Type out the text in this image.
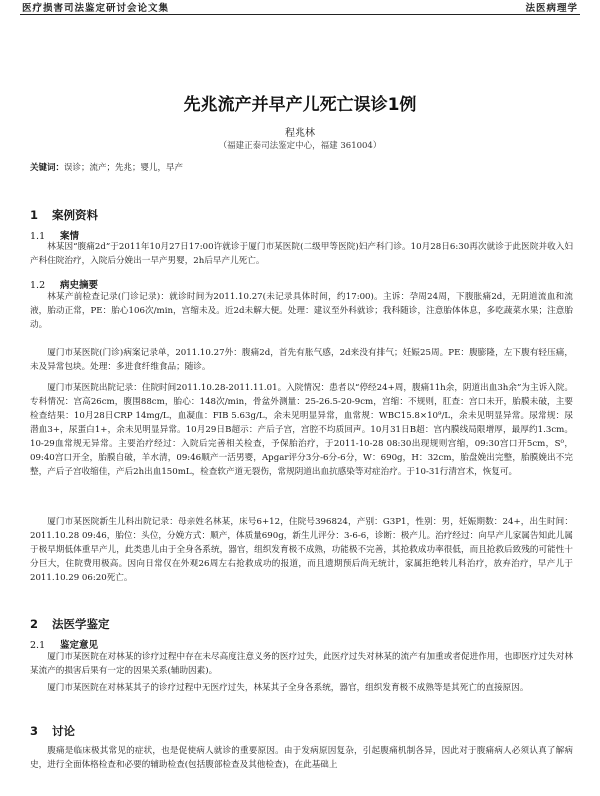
医疗损害司法鉴定研讨会论文集	法医病理学
先兆流产并早产儿死亡误诊1例
程兆林
（福建正泰司法鉴定中心，福建 361004）
关键词：误诊；流产；先兆；婴儿，早产
1 案例资料
1.1 案情

林某因“腹痛2d”于2011年10月27日17:00许就诊于厦门市某医院(二级甲等医院)妇产科门诊。10月28日6:30再次就诊于此医院并收入妇产科住院治疗，入院后分娩出一早产男婴，2h后早产儿死亡。

1.2 病史摘要

林某产前检查记录(门诊记录)：就诊时间为2011.10.27(未记录具体时间，约17:00)。主诉：孕周24周，下腹胀痛2d，无阴道流血和流液，胎动正常，PE：胎心106次/min，宫缩未及。近2d未解大便。处理：建议至外科就诊；我科随诊，注意胎体体息，多吃蔬菜水果；注意胎动。

厦门市某医院(门诊)病案记录单，2011.10.27外：腹痛2d，首先有胀气感，2d来没有排气；妊娠25周。PE：腹膨隆，左下腹有轻压痛，未及异常包块。处理：多进食纤维食品；随诊。

厦门市某医院出院记录：住院时间2011.10.28-2011.11.01。入院情况：患者以“停经24+周，腹痛11h余，阴道出血3h余”为主诉入院。专科情况：宫高26cm，腹围88cm，胎心：148次/min，骨盆外测量：25-26.5-20-9cm，宫缩：不规则，肛查：宫口未开，胎膜未破，主要检查结果：10月28日CRP 14mg/L，血凝血：FIB 5.63g/L，余未见明显异常，血常规：WBC15.8×10⁹/L，余未见明显异常。尿常规：尿潜血3+，尿蛋白1+，余未见明显异常。10月29日B超示：产后子宫，宫腔不均质回声。10月31日B超：宫内膜线局限增厚，最厚约1.3cm。10-29血常规无异常。主要治疗经过：入院后完善相关检查，予保胎治疗，于2011-10-28 08:30出现规则宫缩，09:30宫口开5cm，S⁰，09:40宫口开全，胎膜自破，羊水清，09:46顺产一活男婴，Apgar评分3分-6分-6分，W：690g，H：32cm，胎盘娩出完整，胎膜娩出不完整，产后子宫收缩佳，产后2h出血150mL，检查软产道无裂伤，常规阴道出血抗感染等对症治疗。于10-31行清宫术，恢复可。

厦门市某医院新生儿科出院记录：母亲姓名林某，床号6+12，住院号396824，产别：G3P1，性别：男，妊娠期数：24+，出生时间：2011.10.28 09:46，胎位：头位，分娩方式：顺产，体质量690g，新生儿评分：3-6-6，诊断：极产儿。治疗经过：向早产儿家属告知此儿属于极早期低体重早产儿，此类患儿由于全身各系统，器官，组织发育极不成熟，功能极不完善，其抢救成功率很低，而且抢救后致残的可能性十分巨大，住院费用极高。因向日常仅在外观26周左右抢救成功的报道，而且遗期预后尚无统计，家属拒绝转儿科治疗，放弃治疗，早产儿于2011.10.29 06:20死亡。

2 法医学鉴定
2.1 鉴定意见

厦门市某医院在对林某的诊疗过程中存在未尽高度注意义务的医疗过失，此医疗过失对林某的流产有加重或者促进作用，也即医疗过失对林某流产的损害后果有一定的因果关系(辅助因素)。

厦门市某医院在对林某其子的诊疗过程中无医疗过失，林某其子全身各系统，器官，组织发育极不成熟等是其死亡的直接原因。

3 讨论

腹痛是临床极其常见的症状，也是促使病人就诊的重要原因。由于发病原因复杂，引起腹痛机制各异，因此对于腹痛病人必须认真了解病史，进行全面体格检查和必要的辅助检查(包括腹部检查及其他检查)，在此基础上
